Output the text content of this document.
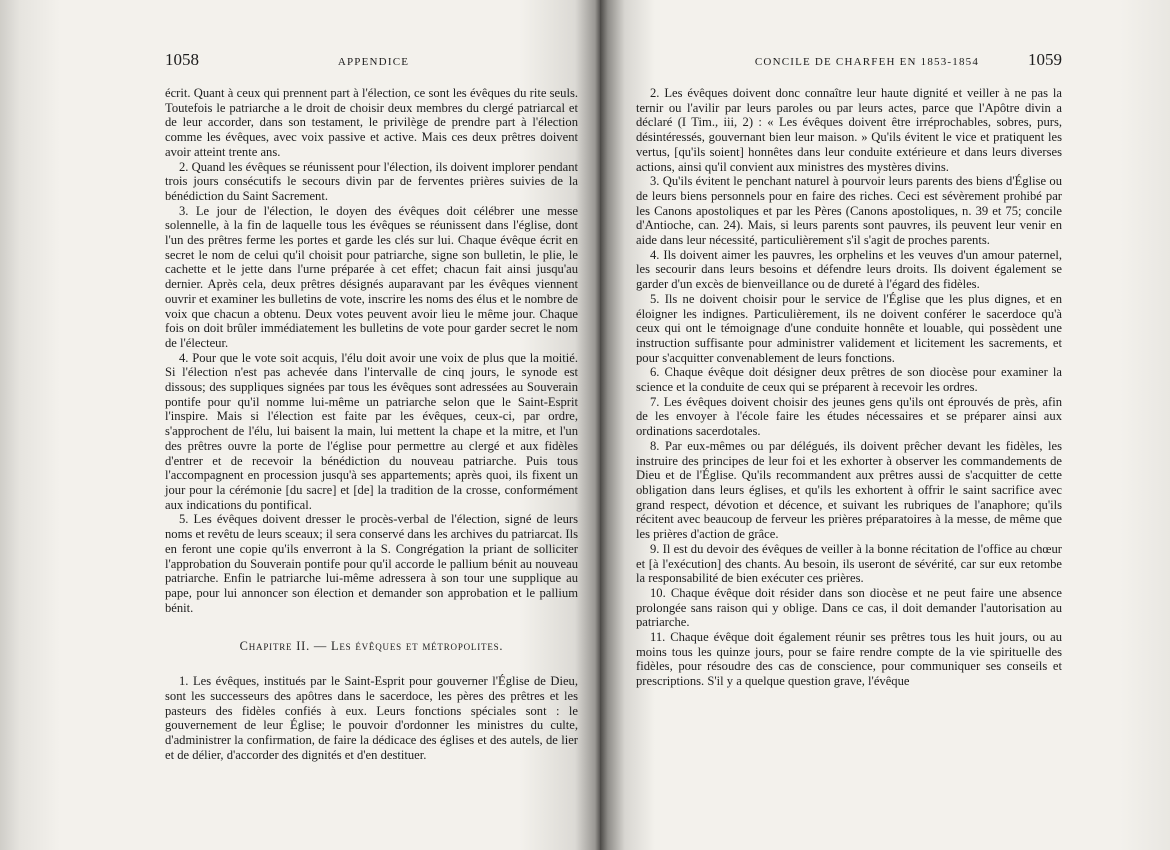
1058	APPENDICE

écrit. Quant à ceux qui prennent part à l'élection, ce sont les évêques du rite seuls. Toutefois le patriarche a le droit de choisir deux membres du clergé patriarcal et de leur accorder, dans son testament, le privilège de prendre part à l'élection comme les évêques, avec voix passive et active. Mais ces deux prêtres doivent avoir atteint trente ans.

2. Quand les évêques se réunissent pour l'élection, ils doivent implorer pendant trois jours consécutifs le secours divin par de ferventes prières suivies de la bénédiction du Saint Sacrement.

3. Le jour de l'élection, le doyen des évêques doit célébrer une messe solennelle, à la fin de laquelle tous les évêques se réunissent dans l'église, dont l'un des prêtres ferme les portes et garde les clés sur lui. Chaque évêque écrit en secret le nom de celui qu'il choisit pour patriarche, signe son bulletin, le plie, le cachette et le jette dans l'urne préparée à cet effet; chacun fait ainsi jusqu'au dernier. Après cela, deux prêtres désignés auparavant par les évêques viennent ouvrir et examiner les bulletins de vote, inscrire les noms des élus et le nombre de voix que chacun a obtenu. Deux votes peuvent avoir lieu le même jour. Chaque fois on doit brûler immédiatement les bulletins de vote pour garder secret le nom de l'électeur.

4. Pour que le vote soit acquis, l'élu doit avoir une voix de plus que la moitié. Si l'élection n'est pas achevée dans l'intervalle de cinq jours, le synode est dissous; des suppliques signées par tous les évêques sont adressées au Souverain pontife pour qu'il nomme lui-même un patriarche selon que le Saint-Esprit l'inspire. Mais si l'élection est faite par les évêques, ceux-ci, par ordre, s'approchent de l'élu, lui baisent la main, lui mettent la chape et la mitre, et l'un des prêtres ouvre la porte de l'église pour permettre au clergé et aux fidèles d'entrer et de recevoir la bénédiction du nouveau patriarche. Puis tous l'accompagnent en procession jusqu'à ses appartements; après quoi, ils fixent un jour pour la cérémonie [du sacre] et [de] la tradition de la crosse, conformément aux indications du pontifical.

5. Les évêques doivent dresser le procès-verbal de l'élection, signé de leurs noms et revêtu de leurs sceaux; il sera conservé dans les archives du patriarcat. Ils en feront une copie qu'ils enverront à la S. Congrégation la priant de solliciter l'approbation du Souverain pontife pour qu'il accorde le pallium bénit au nouveau patriarche. Enfin le patriarche lui-même adressera à son tour une supplique au pape, pour lui annoncer son élection et demander son approbation et le pallium bénit.

Chapitre II. — Les évêques et métropolites.

1. Les évêques, institués par le Saint-Esprit pour gouverner l'Église de Dieu, sont les successeurs des apôtres dans le sacerdoce, les pères des prêtres et les pasteurs des fidèles confiés à eux. Leurs fonctions spéciales sont : le gouvernement de leur Église; le pouvoir d'ordonner les ministres du culte, d'administrer la confirmation, de faire la dédicace des églises et des autels, de lier et de délier, d'accorder des dignités et d'en destituer.

CONCILE DE CHARFEH EN 1853-1854	1059

2. Les évêques doivent donc connaître leur haute dignité et veiller à ne pas la ternir ou l'avilir par leurs paroles ou par leurs actes, parce que l'Apôtre divin a déclaré (I Tim., iii, 2) : « Les évêques doivent être irréprochables, sobres, purs, désintéressés, gouvernant bien leur maison. » Qu'ils évitent le vice et pratiquent les vertus, [qu'ils soient] honnêtes dans leur conduite extérieure et dans leurs diverses actions, ainsi qu'il convient aux ministres des mystères divins.

3. Qu'ils évitent le penchant naturel à pourvoir leurs parents des biens d'Église ou de leurs biens personnels pour en faire des riches. Ceci est sévèrement prohibé par les Canons apostoliques et par les Pères (Canons apostoliques, n. 39 et 75; concile d'Antioche, can. 24). Mais, si leurs parents sont pauvres, ils peuvent leur venir en aide dans leur nécessité, particulièrement s'il s'agit de proches parents.

4. Ils doivent aimer les pauvres, les orphelins et les veuves d'un amour paternel, les secourir dans leurs besoins et défendre leurs droits. Ils doivent également se garder d'un excès de bienveillance ou de dureté à l'égard des fidèles.

5. Ils ne doivent choisir pour le service de l'Église que les plus dignes, et en éloigner les indignes. Particulièrement, ils ne doivent conférer le sacerdoce qu'à ceux qui ont le témoignage d'une conduite honnête et louable, qui possèdent une instruction suffisante pour administrer validement et licitement les sacrements, et pour s'acquitter convenablement de leurs fonctions.

6. Chaque évêque doit désigner deux prêtres de son diocèse pour examiner la science et la conduite de ceux qui se préparent à recevoir les ordres.

7. Les évêques doivent choisir des jeunes gens qu'ils ont éprouvés de près, afin de les envoyer à l'école faire les études nécessaires et se préparer ainsi aux ordinations sacerdotales.

8. Par eux-mêmes ou par délégués, ils doivent prêcher devant les fidèles, les instruire des principes de leur foi et les exhorter à observer les commandements de Dieu et de l'Église. Qu'ils recommandent aux prêtres aussi de s'acquitter de cette obligation dans leurs églises, et qu'ils les exhortent à offrir le saint sacrifice avec grand respect, dévotion et décence, et suivant les rubriques de l'anaphore; qu'ils récitent avec beaucoup de ferveur les prières préparatoires à la messe, de même que les prières d'action de grâce.

9. Il est du devoir des évêques de veiller à la bonne récitation de l'office au chœur et [à l'exécution] des chants. Au besoin, ils useront de sévérité, car sur eux retombe la responsabilité de bien exécuter ces prières.

10. Chaque évêque doit résider dans son diocèse et ne peut faire une absence prolongée sans raison qui y oblige. Dans ce cas, il doit demander l'autorisation au patriarche.

11. Chaque évêque doit également réunir ses prêtres tous les huit jours, ou au moins tous les quinze jours, pour se faire rendre compte de la vie spirituelle des fidèles, pour résoudre des cas de conscience, pour communiquer ses conseils et prescriptions. S'il y a quelque question grave, l'évêque
